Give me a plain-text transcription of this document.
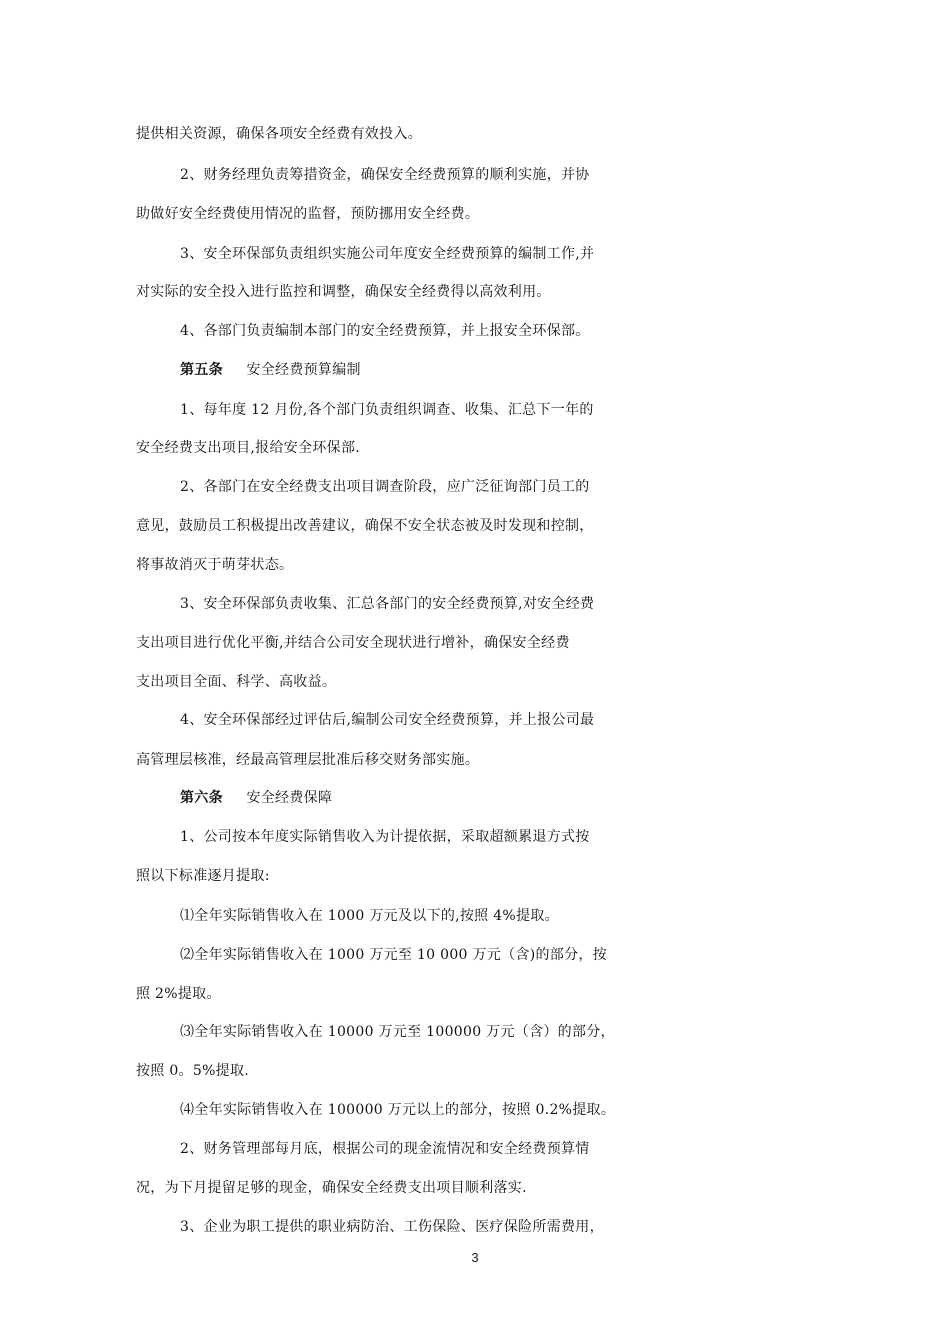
提供相关资源，确保各项安全经费有效投入。
2、财务经理负责筹措资金，确保安全经费预算的顺利实施，并协
助做好安全经费使用情况的监督，预防挪用安全经费。
3、安全环保部负责组织实施公司年度安全经费预算的编制工作,并
对实际的安全投入进行监控和调整，确保安全经费得以高效利用。
4、各部门负责编制本部门的安全经费预算，并上报安全环保部。
第五条 安全经费预算编制
1、每年度 12 月份,各个部门负责组织调查、收集、汇总下一年的
安全经费支出项目,报给安全环保部.
2、各部门在安全经费支出项目调查阶段，应广泛征询部门员工的
意见，鼓励员工积极提出改善建议，确保不安全状态被及时发现和控制，
将事故消灭于萌芽状态。
3、安全环保部负责收集、汇总各部门的安全经费预算,对安全经费
支出项目进行优化平衡,并结合公司安全现状进行增补，确保安全经费
支出项目全面、科学、高收益。
4、安全环保部经过评估后,编制公司安全经费预算，并上报公司最
高管理层核准，经最高管理层批准后移交财务部实施。
第六条 安全经费保障
1、公司按本年度实际销售收入为计提依据，采取超额累退方式按
照以下标准逐月提取:
⑴全年实际销售收入在 1000 万元及以下的,按照 4%提取。
⑵全年实际销售收入在 1000 万元至 10 000 万元（含)的部分，按
照 2%提取。
⑶全年实际销售收入在 10000 万元至 100000 万元（含）的部分，
按照 0。5%提取.
⑷全年实际销售收入在 100000 万元以上的部分，按照 0.2%提取。
2、财务管理部每月底，根据公司的现金流情况和安全经费预算情
况，为下月提留足够的现金，确保安全经费支出项目顺利落实.
3、企业为职工提供的职业病防治、工伤保险、医疗保险所需费用，
3
